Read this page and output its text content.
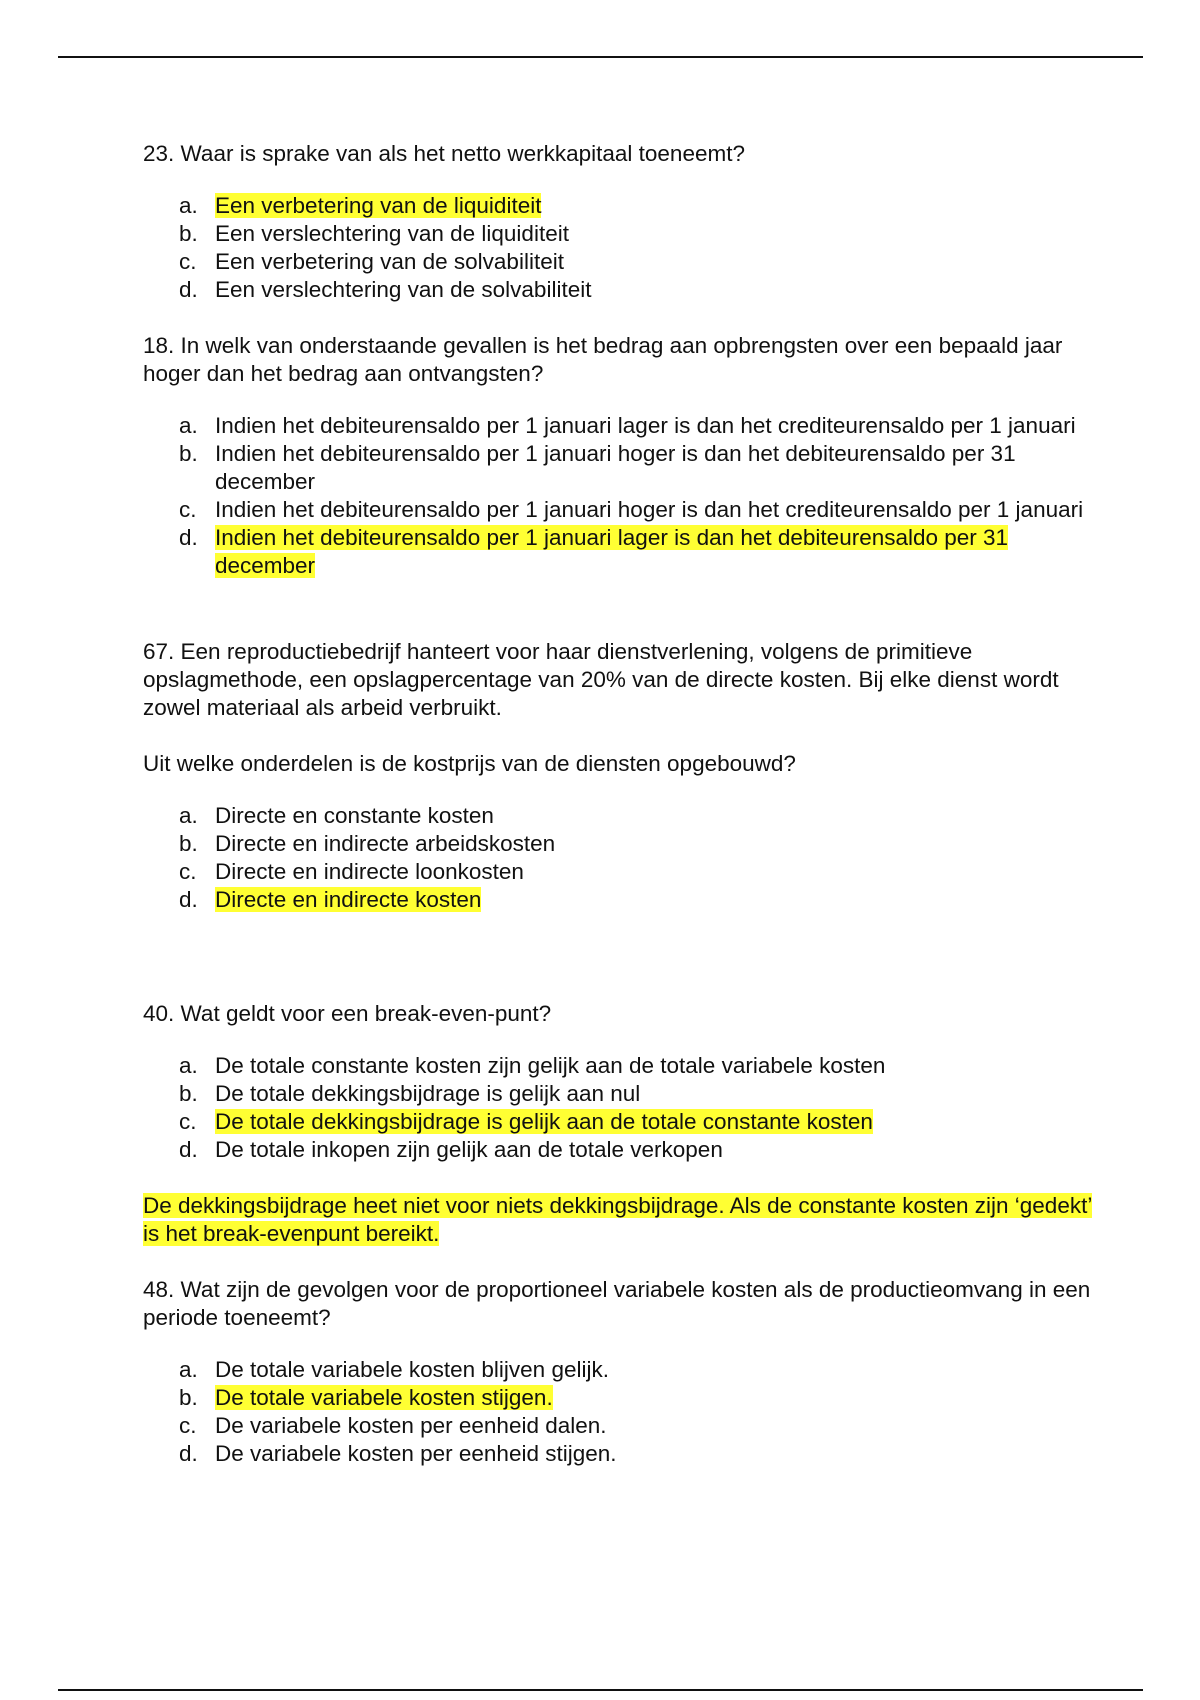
23. Waar is sprake van als het netto werkkapitaal toeneemt?

a. Een verbetering van de liquiditeit
b. Een verslechtering van de liquiditeit
c. Een verbetering van de solvabiliteit
d. Een verslechtering van de solvabiliteit

18. In welk van onderstaande gevallen is het bedrag aan opbrengsten over een bepaald jaar hoger dan het bedrag aan ontvangsten?

a. Indien het debiteurensaldo per 1 januari lager is dan het crediteurensaldo per 1 januari
b. Indien het debiteurensaldo per 1 januari hoger is dan het debiteurensaldo per 31 december
c. Indien het debiteurensaldo per 1 januari hoger is dan het crediteurensaldo per 1 januari
d. Indien het debiteurensaldo per 1 januari lager is dan het debiteurensaldo per 31 december

67. Een reproductiebedrijf hanteert voor haar dienstverlening, volgens de primitieve opslagmethode, een opslagpercentage van 20% van de directe kosten. Bij elke dienst wordt zowel materiaal als arbeid verbruikt.

Uit welke onderdelen is de kostprijs van de diensten opgebouwd?

a. Directe en constante kosten
b. Directe en indirecte arbeidskosten
c. Directe en indirecte loonkosten
d. Directe en indirecte kosten

40. Wat geldt voor een break-even-punt?

a. De totale constante kosten zijn gelijk aan de totale variabele kosten
b. De totale dekkingsbijdrage is gelijk aan nul
c. De totale dekkingsbijdrage is gelijk aan de totale constante kosten
d. De totale inkopen zijn gelijk aan de totale verkopen

De dekkingsbijdrage heet niet voor niets dekkingsbijdrage. Als de constante kosten zijn ‘gedekt’ is het break-evenpunt bereikt.

48. Wat zijn de gevolgen voor de proportioneel variabele kosten als de productieomvang in een periode toeneemt?

a. De totale variabele kosten blijven gelijk.
b. De totale variabele kosten stijgen.
c. De variabele kosten per eenheid dalen.
d. De variabele kosten per eenheid stijgen.
